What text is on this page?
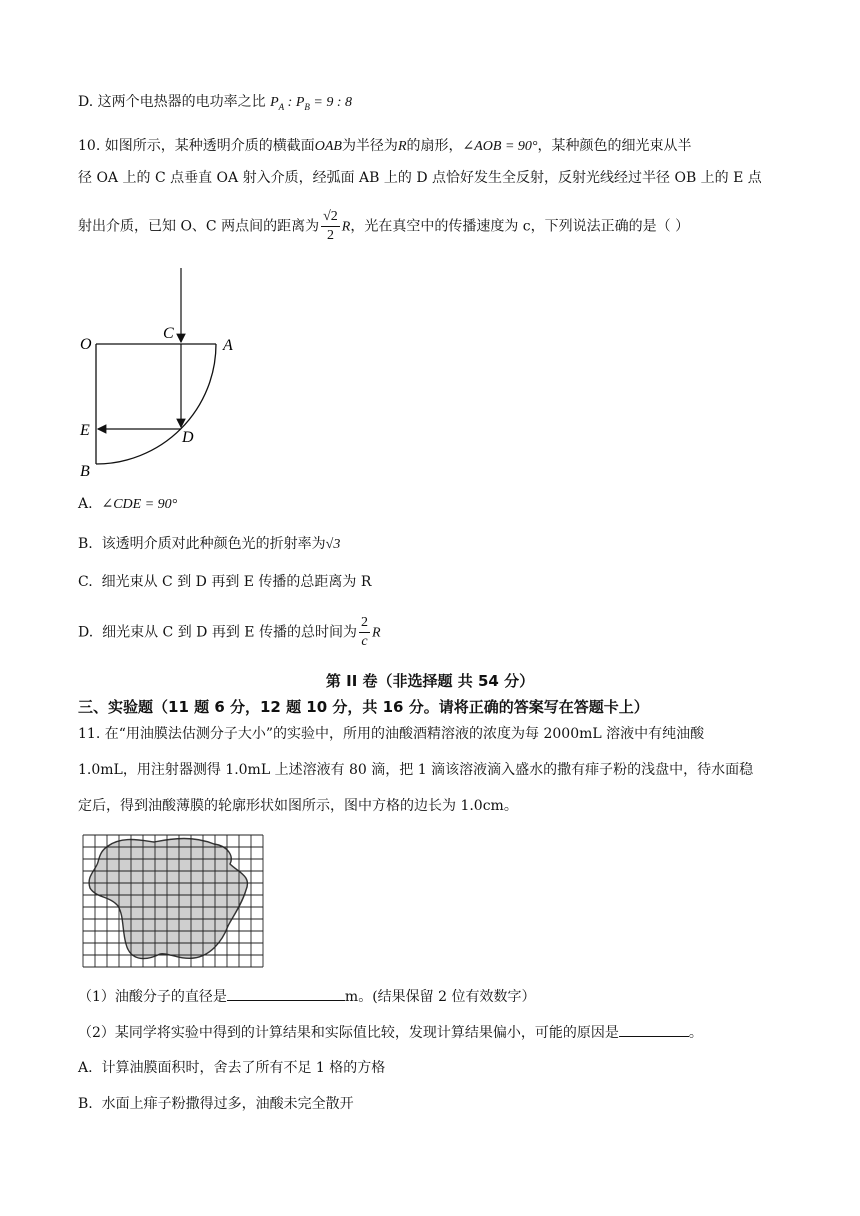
D. 这两个电热器的电功率之比 $P_A$ : $P_B = 9$ : 8
10. 如图所示，某种透明介质的横截面OAB为半径为R的扇形，∠AOB = 90°，某种颜色的细光束从半
径 OA 上的 C 点垂直 OA 射入介质，经弧面 AB 上的 D 点恰好发生全反射，反射光线经过半径 OB 上的 E 点
射出介质，已知 O、C 两点间的距离为 $\frac{√2}{2}$ R，光在真空中的传播速度为 c，下列说法正确的是（ ）
O
C
A
E	D
B
A. ∠CDE = 90°
B. 该透明介质对此种颜色光的折射率为√3
C. 细光束从 C 到 D 再到 E 传播的总距离为 R
D. 细光束从 C 到 D 再到 E 传播的总时间为 $\frac{2}{c}$ R
第 II 卷（非选择题 共 54 分）
三、实验题（11 题 6 分，12 题 10 分，共 16 分。请将正确的答案写在答题卡上）
11. 在“用油膜法估测分子大小”的实验中，所用的油酸酒精溶液的浓度为每 2000mL 溶液中有纯油酸
1.0mL，用注射器测得 1.0mL 上述溶液有 80 滴，把 1 滴该溶液滴入盛水的撒有痱子粉的浅盘中，待水面稳
定后，得到油酸薄膜的轮廓形状如图所示，图中方格的边长为 1.0cm。
（1）油酸分子的直径是	m。(结果保留 2 位有效数字）
（2）某同学将实验中得到的计算结果和实际值比较，发现计算结果偏小，可能的原因是	。
A. 计算油膜面积时，舍去了所有不足 1 格的方格
B. 水面上痱子粉撒得过多，油酸未完全散开
